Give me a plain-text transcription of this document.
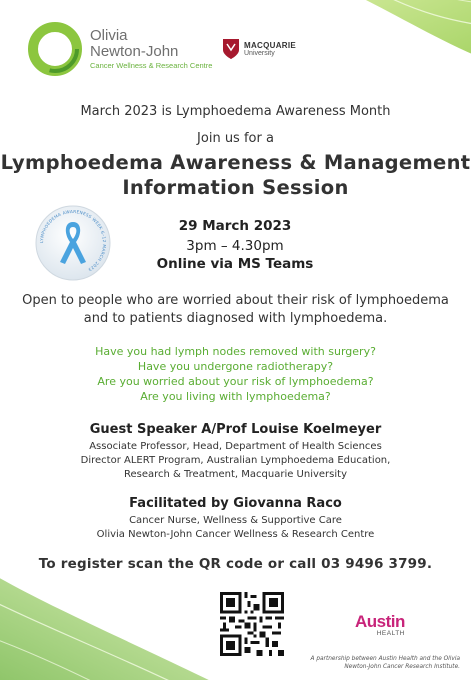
Olivia
Newton-John
Cancer Wellness & Research Centre
MACQUARIE
University
March 2023 is Lymphoedema Awareness Month
Join us for a
Lymphoedema Awareness & Management
Information Session
LYMPHOEDEMA AWARENESS WEEK 6–12 MARCH 2023
29 March 2023
3pm – 4.30pm
Online via MS Teams
Open to people who are worried about their risk of lymphoedema
and to patients diagnosed with lymphoedema.
Have you had lymph nodes removed with surgery?
Have you undergone radiotherapy?
Are you worried about your risk of lymphoedema?
Are you living with lymphoedema?
Guest Speaker A/Prof Louise Koelmeyer
Associate Professor, Head, Department of Health Sciences
Director ALERT Program, Australian Lymphoedema Education,
Research & Treatment, Macquarie University
Facilitated by Giovanna Raco
Cancer Nurse, Wellness & Supportive Care
Olivia Newton-John Cancer Wellness & Research Centre
To register scan the QR code or call 03 9496 3799.
Austin
HEALTH
A partnership between Austin Health and the Olivia Newton-John Cancer Research Institute.
